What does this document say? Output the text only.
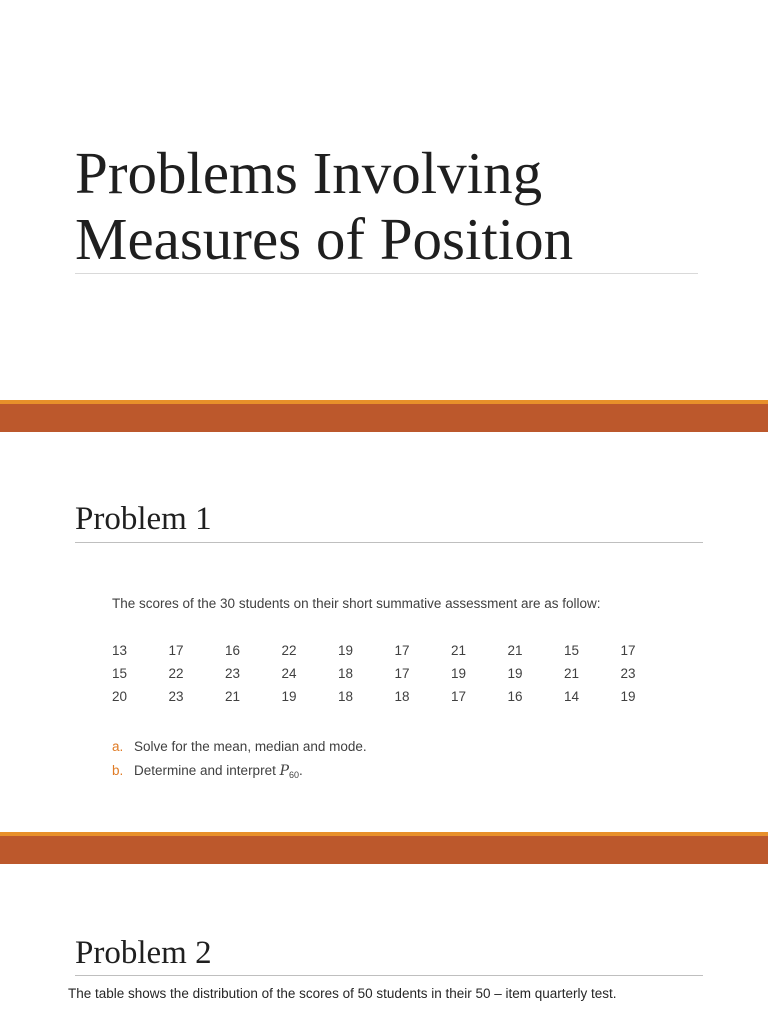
Problems Involving
Measures of Position
Problem 1

The scores of the 30 students on their short summative assessment are as follow:

13	17	16	22	19	17	21	21	15	17
15	22	23	24	18	17	19	19	21	23
20	23	21	19	18	18	17	16	14	19
a. Solve for the mean, median and mode.
b. Determine and interpret $P_{60}$.
Problem 2

The table shows the distribution of the scores of 50 students in their 50 – item quarterly test.
